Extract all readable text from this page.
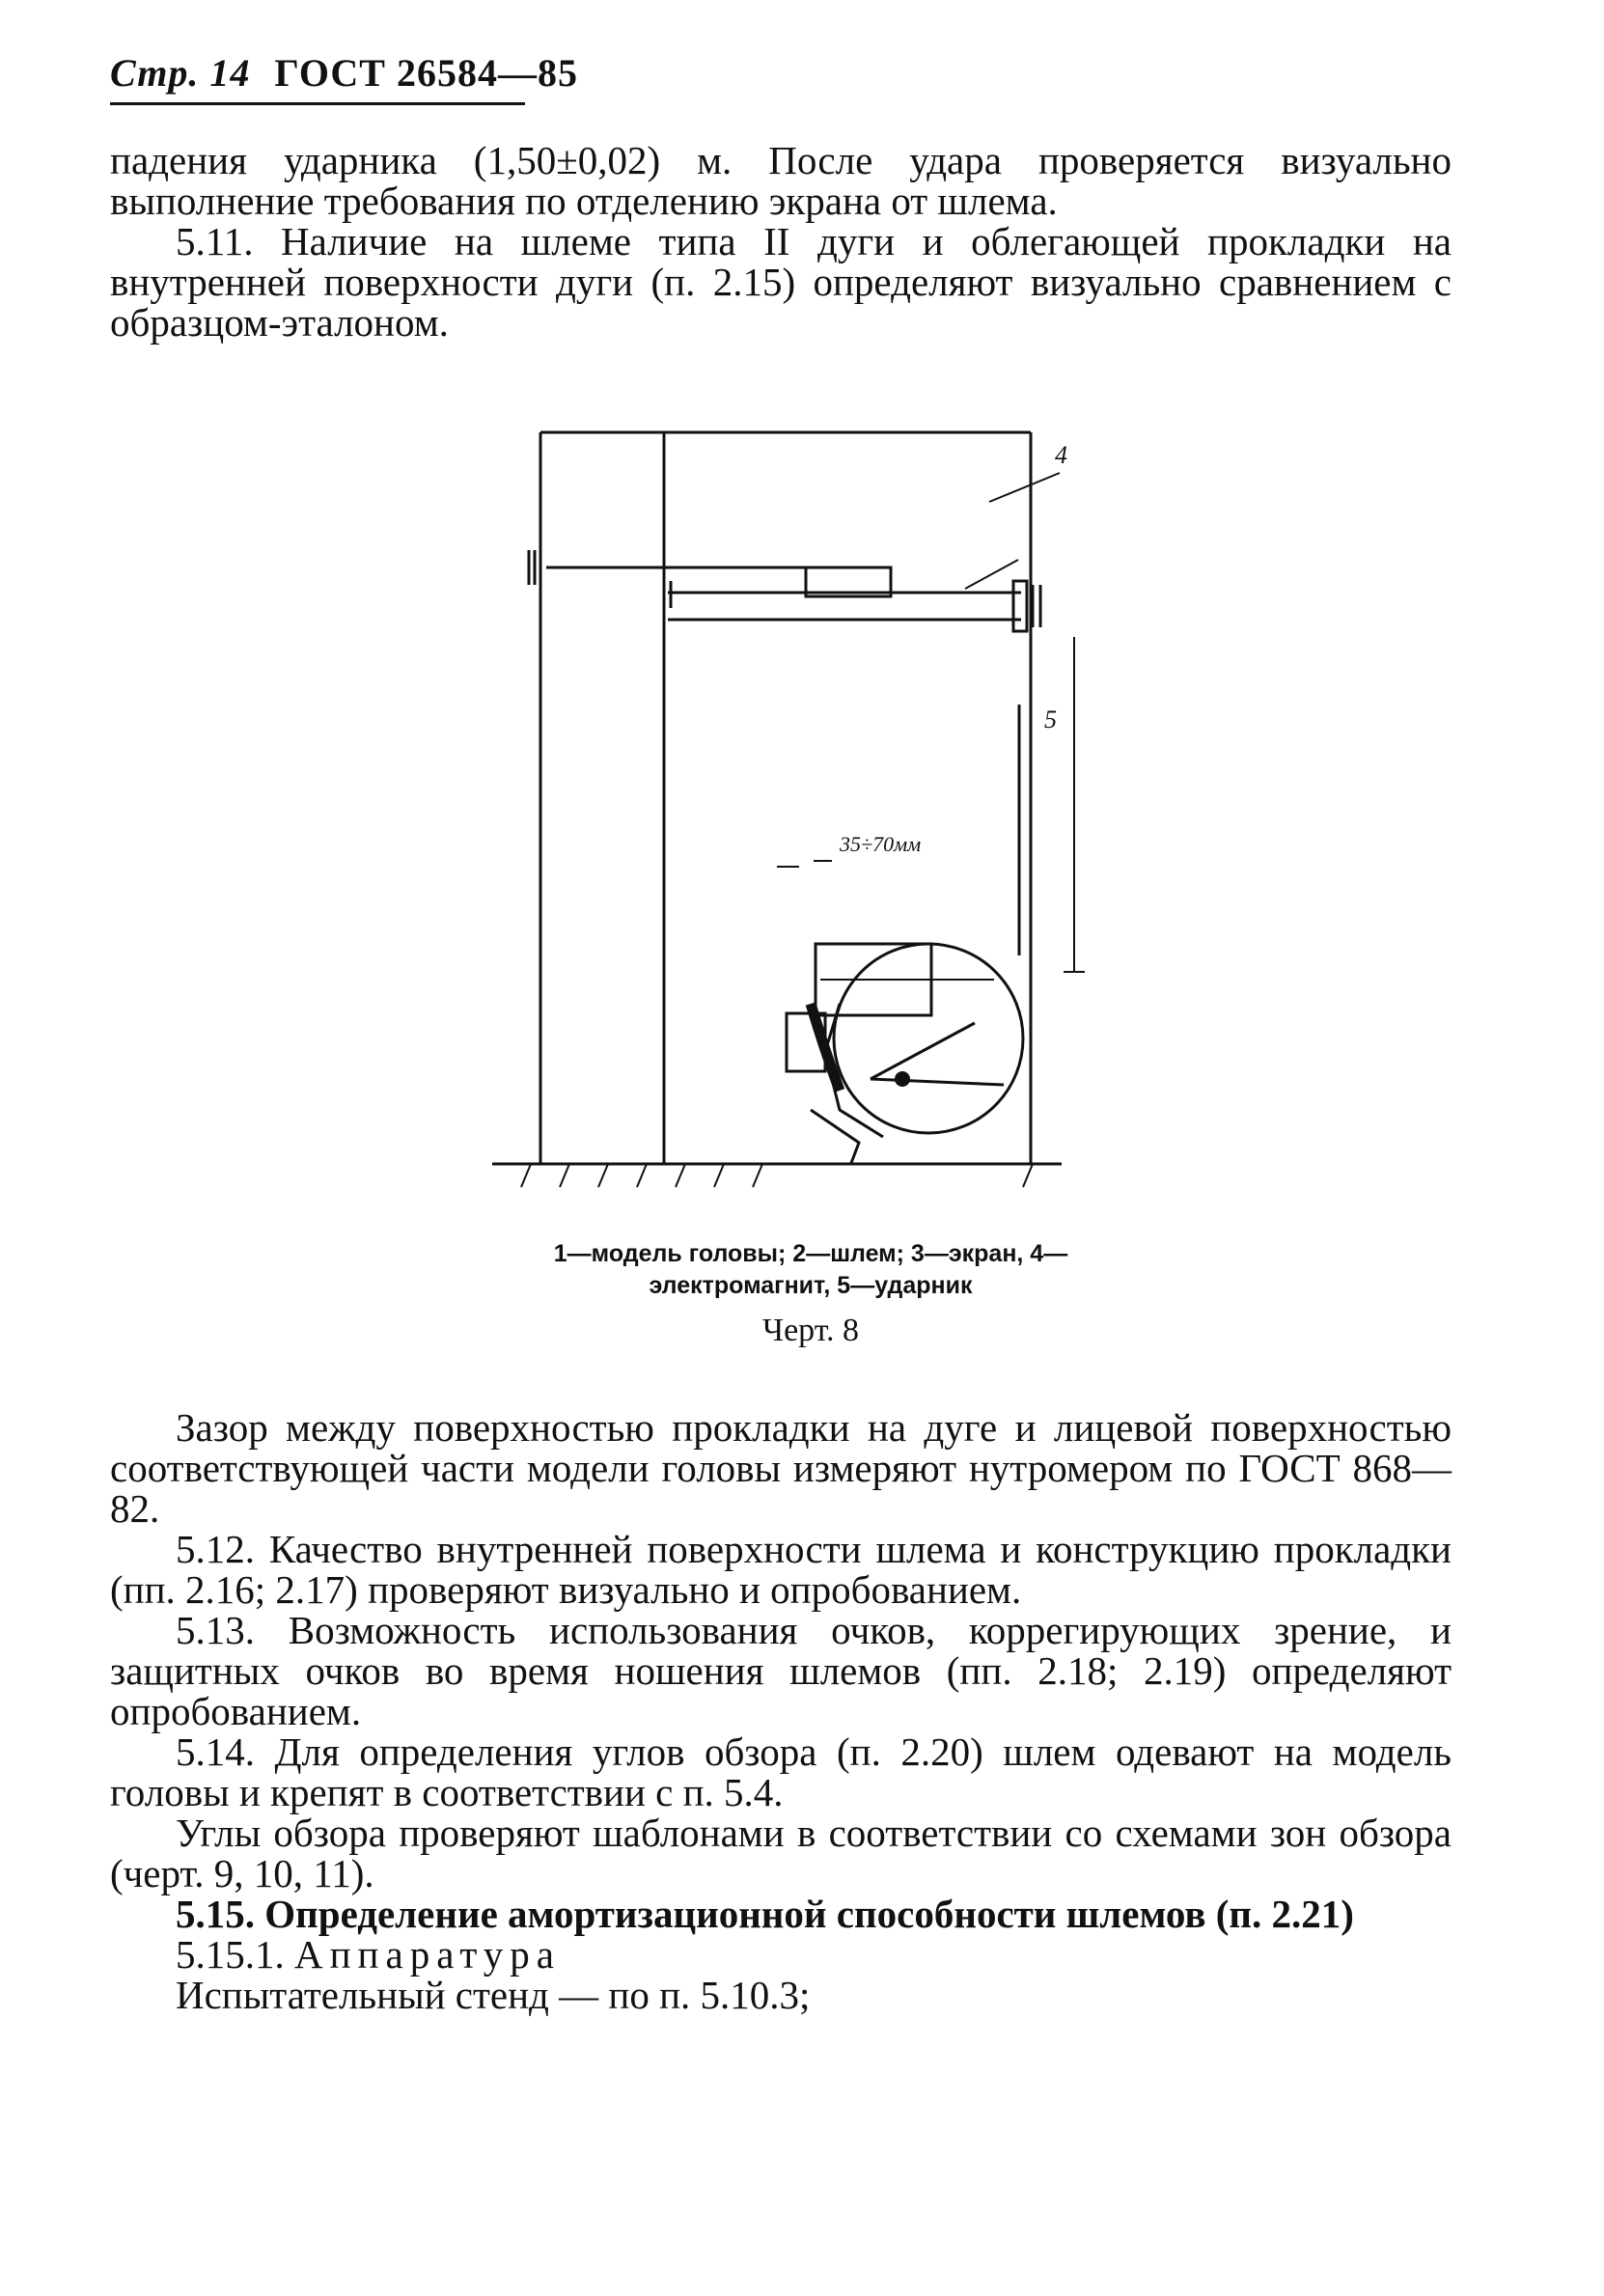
Стр. 14 ГОСТ 26584—85

падения ударника (1,50±0,02) м. После удара проверяется визуально выполнение требования по отделению экрана от шлема.

5.11. Наличие на шлеме типа II дуги и облегающей прокладки на внутренней поверхности дуги (п. 2.15) определяют визуально сравнением с образцом-эталоном.

4
5
35÷70мм
1—модель головы; 2—шлем; 3—экран, 4—электромагнит, 5—ударник
Черт. 8

Зазор между поверхностью прокладки на дуге и лицевой поверхностью соответствующей части модели головы измеряют нутромером по ГОСТ 868—82.

5.12. Качество внутренней поверхности шлема и конструкцию прокладки (пп. 2.16; 2.17) проверяют визуально и опробованием.

5.13. Возможность использования очков, коррегирующих зрение, и защитных очков во время ношения шлемов (пп. 2.18; 2.19) определяют опробованием.

5.14. Для определения углов обзора (п. 2.20) шлем одевают на модель головы и крепят в соответствии с п. 5.4.

Углы обзора проверяют шаблонами в соответствии со схемами зон обзора (черт. 9, 10, 11).

5.15. Определение амортизационной способности шлемов (п. 2.21)

5.15.1. Аппаратура

Испытательный стенд — по п. 5.10.3;
